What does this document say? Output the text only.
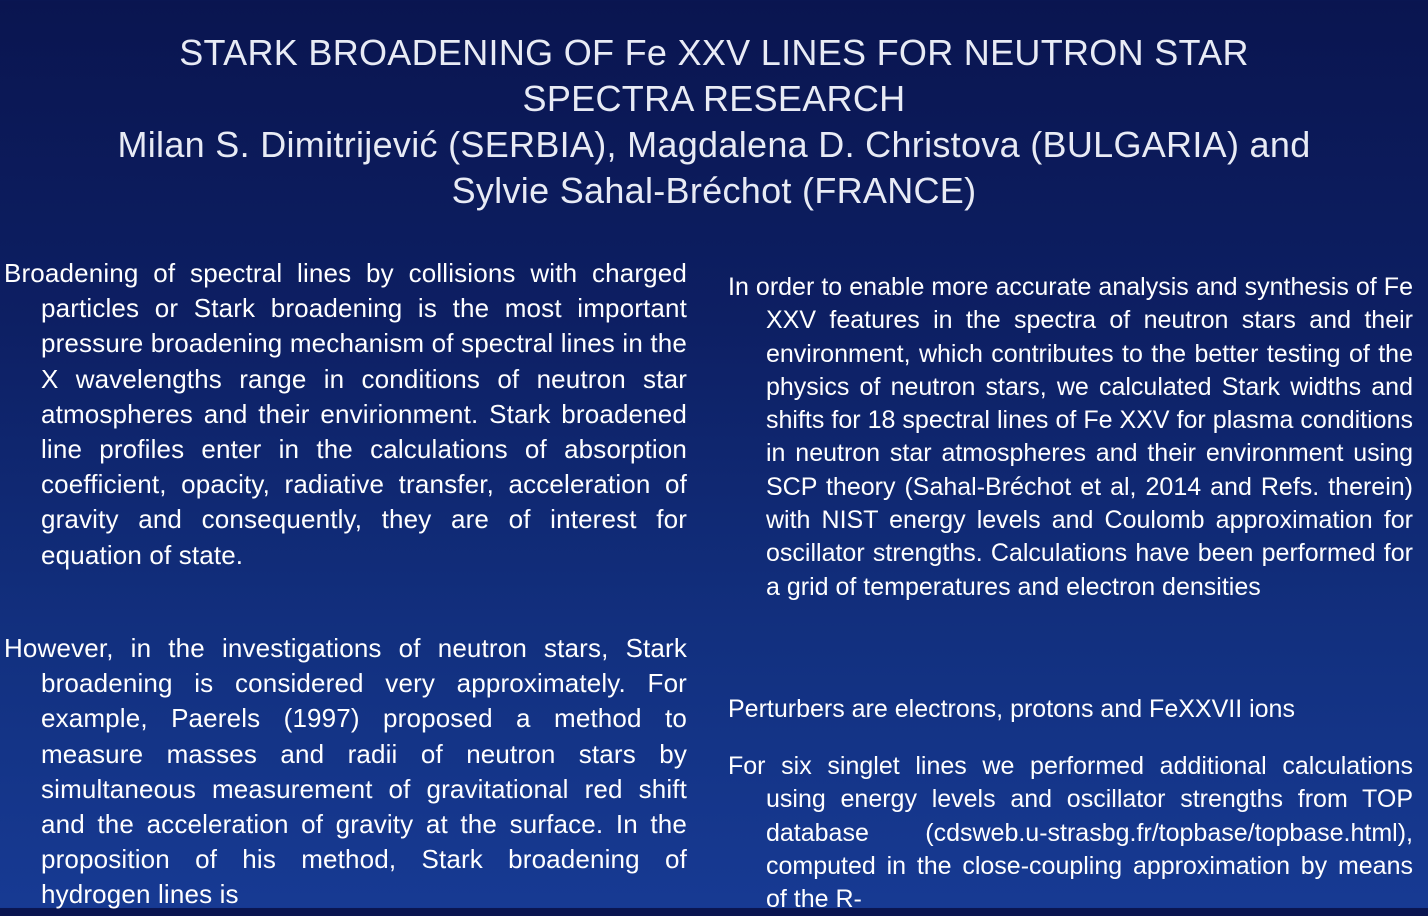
STARK BROADENING OF Fe XXV LINES FOR NEUTRON STAR
SPECTRA RESEARCH
Milan S. Dimitrijević (SERBIA), Magdalena D. Christova (BULGARIA) and
Sylvie Sahal-Bréchot (FRANCE)
Broadening of spectral lines by collisions with charged particles or Stark broadening is the most important pressure broadening mechanism of spectral lines in the X wavelengths range in conditions of neutron star atmospheres and their envirionment. Stark broadened line profiles enter in the calculations of absorption coefficient, opacity, radiative transfer, acceleration of gravity and consequently, they are of interest for equation of state.
However, in the investigations of neutron stars, Stark broadening is considered very approximately. For example, Paerels (1997) proposed a method to measure masses and radii of neutron stars by simultaneous measurement of gravitational red shift and the acceleration of gravity at the surface. In the proposition of his method, Stark broadening of hydrogen lines is
In order to enable more accurate analysis and synthesis of Fe XXV features in the spectra of neutron stars and their environment, which contributes to the better testing of the physics of neutron stars, we calculated Stark widths and shifts for 18 spectral lines of Fe XXV for plasma conditions in neutron star atmospheres and their environment using SCP theory (Sahal-Bréchot et al, 2014 and Refs. therein) with NIST energy levels and Coulomb approximation for oscillator strengths. Calculations have been performed for a grid of temperatures and electron densities
Perturbers are electrons, protons and FeXXVII ions
For six singlet lines we performed additional calculations using energy levels and oscillator strengths from TOP database (cdsweb.u-strasbg.fr/topbase/topbase.html), computed in the close-coupling approximation by means of the R-
